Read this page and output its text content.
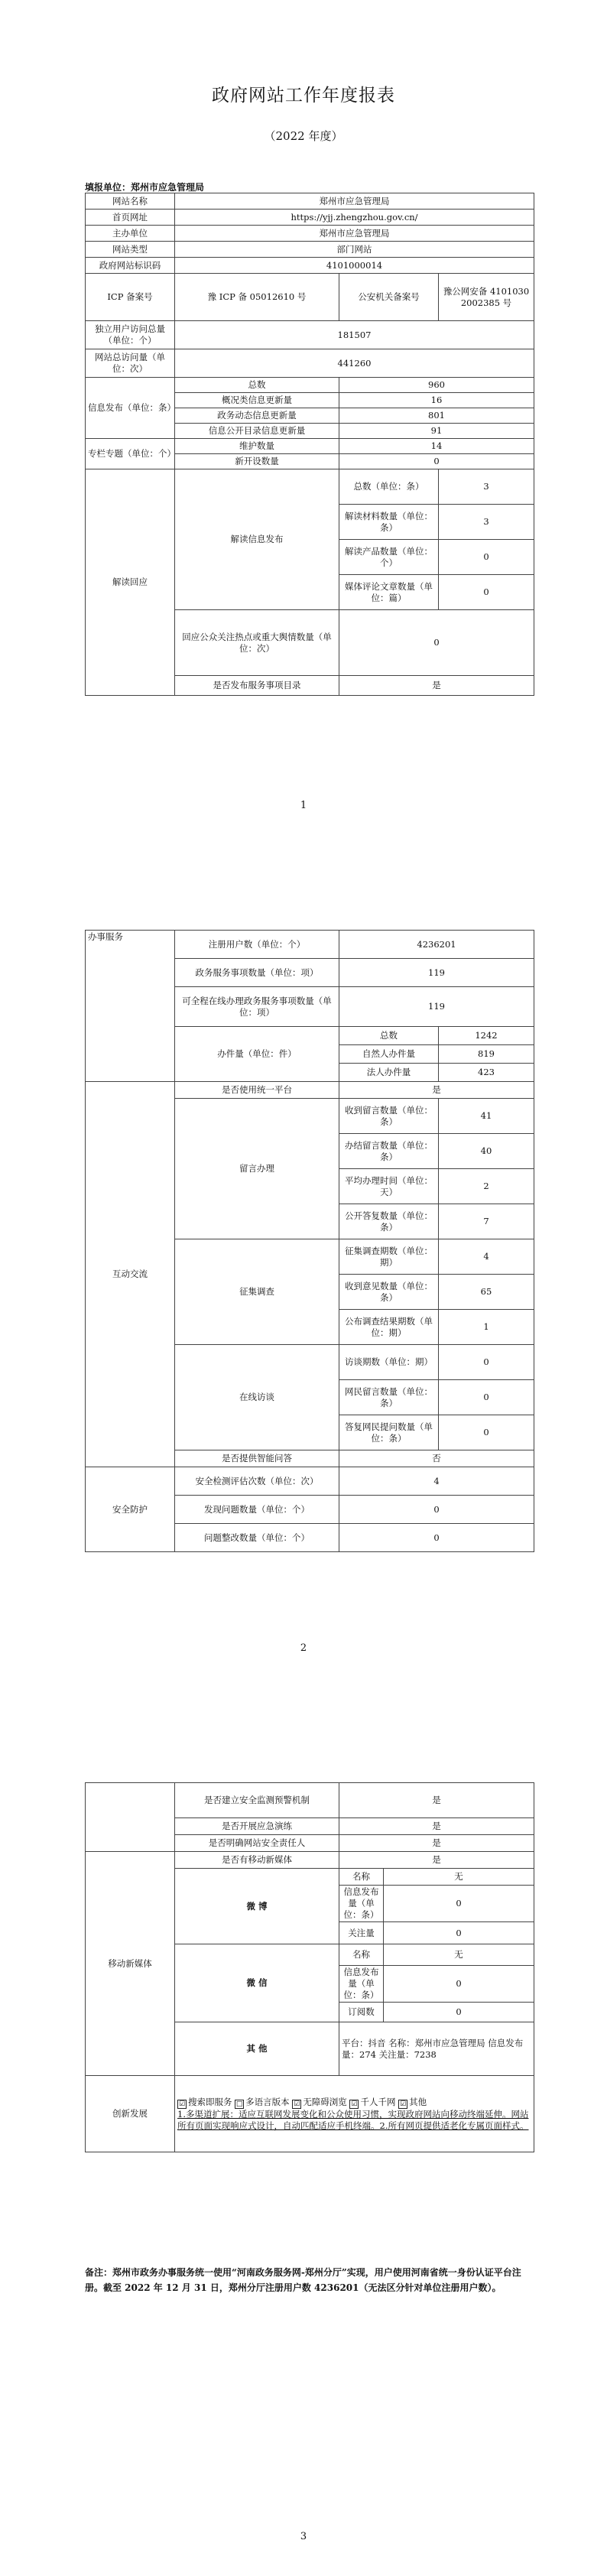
政府网站工作年度报表
（2022 年度）
填报单位：郑州市应急管理局
网站名称	郑州市应急管理局		
首页网址	https://yjj.zhengzhou.gov.cn/		
主办单位	郑州市应急管理局		
网站类型	部门网站		
政府网站标识码	4101000014		
ICP 备案号	豫 ICP 备 05012610 号	公安机关备案号	豫公网安备 41010302002385 号
独立用户访问总量（单位：个）	181507		
网站总访问量（单位：次）	441260		
信息发布（单位：条）	总数	960	
	概况类信息更新量	16	
	政务动态信息更新量	801	
	信息公开目录信息更新量	91	
专栏专题（单位：个）	维护数量	14	
	新开设数量	0	
解读回应	解读信息发布	总数（单位：条）	3
		解读材料数量（单位：条）	3
		解读产品数量（单位：个）	0
		媒体评论文章数量（单位：篇）	0
	回应公众关注热点或重大舆情数量（单位：次）	0	
	是否发布服务事项目录	是	
1
办事服务	注册用户数（单位：个）	4236201	
	政务服务事项数量（单位：项）	119	
	可全程在线办理政务服务事项数量（单位：项）	119	
	办件量（单位：件）	总数	1242
		自然人办件量	819
		法人办件量	423
互动交流	是否使用统一平台	是	
	留言办理	收到留言数量（单位：条）	41
		办结留言数量（单位：条）	40
		平均办理时间（单位：天）	2
		公开答复数量（单位：条）	7
	征集调查	征集调查期数（单位：期）	4
		收到意见数量（单位：条）	65
		公布调查结果期数（单位：期）	1
	在线访谈	访谈期数（单位：期）	0
		网民留言数量（单位：条）	0
		答复网民提问数量（单位：条）	0
	是否提供智能问答	否	
安全防护	安全检测评估次数（单位：次）	4	
	发现问题数量（单位：个）	0	
	问题整改数量（单位：个）	0	
2
	是否建立安全监测预警机制	是	
	是否开展应急演练	是	
	是否明确网站安全责任人	是	
移动新媒体	是否有移动新媒体	是	
	微 博	名称	无
		信息发布量（单位：条）	0
		关注量	0
	微 信	名称	无
		信息发布量（单位：条）	0
		订阅数	0
	其 他	平台：抖音 名称：郑州市应急管理局 信息发布量：274 关注量：7238	
创新发展	☑ 搜索即服务 □ 多语言版本 ☑ 无障碍浏览 ☑ 千人千网 ☑ 其他
1.多渠道扩展：适应互联网发展变化和公众使用习惯，实现政府网站向移动终端延伸。网站所有页面实现响应式设计，自动匹配适应手机终端。2.所有网页提供适老化专属页面样式。		
备注：郑州市政务办事服务统一使用“河南政务服务网-郑州分厅”实现，用户使用河南省统一身份认证平台注册。截至 2022 年 12 月 31 日，郑州分厅注册用户数 4236201（无法区分针对单位注册用户数）。
3
